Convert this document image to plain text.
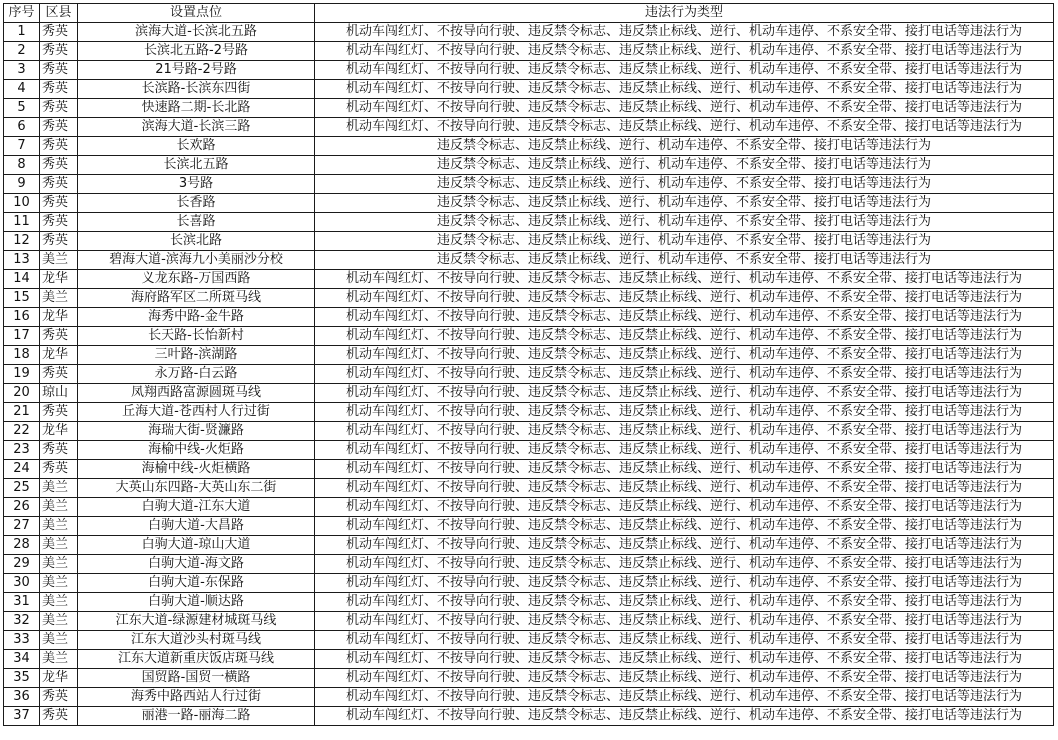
序号	区县	设置点位	违法行为类型
1	秀英	滨海大道-长滨北五路	机动车闯红灯、不按导向行驶、违反禁令标志、违反禁止标线、逆行、机动车违停、不系安全带、接打电话等违法行为
2	秀英	长滨北五路-2号路	机动车闯红灯、不按导向行驶、违反禁令标志、违反禁止标线、逆行、机动车违停、不系安全带、接打电话等违法行为
3	秀英	21号路-2号路	机动车闯红灯、不按导向行驶、违反禁令标志、违反禁止标线、逆行、机动车违停、不系安全带、接打电话等违法行为
4	秀英	长滨路-长滨东四街	机动车闯红灯、不按导向行驶、违反禁令标志、违反禁止标线、逆行、机动车违停、不系安全带、接打电话等违法行为
5	秀英	快速路二期-长北路	机动车闯红灯、不按导向行驶、违反禁令标志、违反禁止标线、逆行、机动车违停、不系安全带、接打电话等违法行为
6	秀英	滨海大道-长滨三路	机动车闯红灯、不按导向行驶、违反禁令标志、违反禁止标线、逆行、机动车违停、不系安全带、接打电话等违法行为
7	秀英	长欢路	违反禁令标志、违反禁止标线、逆行、机动车违停、不系安全带、接打电话等违法行为
8	秀英	长滨北五路	违反禁令标志、违反禁止标线、逆行、机动车违停、不系安全带、接打电话等违法行为
9	秀英	3号路	违反禁令标志、违反禁止标线、逆行、机动车违停、不系安全带、接打电话等违法行为
10	秀英	长香路	违反禁令标志、违反禁止标线、逆行、机动车违停、不系安全带、接打电话等违法行为
11	秀英	长喜路	违反禁令标志、违反禁止标线、逆行、机动车违停、不系安全带、接打电话等违法行为
12	秀英	长滨北路	违反禁令标志、违反禁止标线、逆行、机动车违停、不系安全带、接打电话等违法行为
13	美兰	碧海大道-滨海九小美丽沙分校	违反禁令标志、违反禁止标线、逆行、机动车违停、不系安全带、接打电话等违法行为
14	龙华	义龙东路-万国西路	机动车闯红灯、不按导向行驶、违反禁令标志、违反禁止标线、逆行、机动车违停、不系安全带、接打电话等违法行为
15	美兰	海府路军区二所斑马线	机动车闯红灯、不按导向行驶、违反禁令标志、违反禁止标线、逆行、机动车违停、不系安全带、接打电话等违法行为
16	龙华	海秀中路-金牛路	机动车闯红灯、不按导向行驶、违反禁令标志、违反禁止标线、逆行、机动车违停、不系安全带、接打电话等违法行为
17	秀英	长天路-长怡新村	机动车闯红灯、不按导向行驶、违反禁令标志、违反禁止标线、逆行、机动车违停、不系安全带、接打电话等违法行为
18	龙华	三叶路-滨湖路	机动车闯红灯、不按导向行驶、违反禁令标志、违反禁止标线、逆行、机动车违停、不系安全带、接打电话等违法行为
19	秀英	永万路-白云路	机动车闯红灯、不按导向行驶、违反禁令标志、违反禁止标线、逆行、机动车违停、不系安全带、接打电话等违法行为
20	琼山	凤翔西路富源圆斑马线	机动车闯红灯、不按导向行驶、违反禁令标志、违反禁止标线、逆行、机动车违停、不系安全带、接打电话等违法行为
21	秀英	丘海大道-苍西村人行过街	机动车闯红灯、不按导向行驶、违反禁令标志、违反禁止标线、逆行、机动车违停、不系安全带、接打电话等违法行为
22	龙华	海瑞大街-贤濂路	机动车闯红灯、不按导向行驶、违反禁令标志、违反禁止标线、逆行、机动车违停、不系安全带、接打电话等违法行为
23	秀英	海榆中线-火炬路	机动车闯红灯、不按导向行驶、违反禁令标志、违反禁止标线、逆行、机动车违停、不系安全带、接打电话等违法行为
24	秀英	海榆中线-火炬横路	机动车闯红灯、不按导向行驶、违反禁令标志、违反禁止标线、逆行、机动车违停、不系安全带、接打电话等违法行为
25	美兰	大英山东四路-大英山东二街	机动车闯红灯、不按导向行驶、违反禁令标志、违反禁止标线、逆行、机动车违停、不系安全带、接打电话等违法行为
26	美兰	白驹大道-江东大道	机动车闯红灯、不按导向行驶、违反禁令标志、违反禁止标线、逆行、机动车违停、不系安全带、接打电话等违法行为
27	美兰	白驹大道-大昌路	机动车闯红灯、不按导向行驶、违反禁令标志、违反禁止标线、逆行、机动车违停、不系安全带、接打电话等违法行为
28	美兰	白驹大道-琼山大道	机动车闯红灯、不按导向行驶、违反禁令标志、违反禁止标线、逆行、机动车违停、不系安全带、接打电话等违法行为
29	美兰	白驹大道-海文路	机动车闯红灯、不按导向行驶、违反禁令标志、违反禁止标线、逆行、机动车违停、不系安全带、接打电话等违法行为
30	美兰	白驹大道-东保路	机动车闯红灯、不按导向行驶、违反禁令标志、违反禁止标线、逆行、机动车违停、不系安全带、接打电话等违法行为
31	美兰	白驹大道-顺达路	机动车闯红灯、不按导向行驶、违反禁令标志、违反禁止标线、逆行、机动车违停、不系安全带、接打电话等违法行为
32	美兰	江东大道-绿源建材城斑马线	机动车闯红灯、不按导向行驶、违反禁令标志、违反禁止标线、逆行、机动车违停、不系安全带、接打电话等违法行为
33	美兰	江东大道沙头村斑马线	机动车闯红灯、不按导向行驶、违反禁令标志、违反禁止标线、逆行、机动车违停、不系安全带、接打电话等违法行为
34	美兰	江东大道新重庆饭店斑马线	机动车闯红灯、不按导向行驶、违反禁令标志、违反禁止标线、逆行、机动车违停、不系安全带、接打电话等违法行为
35	龙华	国贸路-国贸一横路	机动车闯红灯、不按导向行驶、违反禁令标志、违反禁止标线、逆行、机动车违停、不系安全带、接打电话等违法行为
36	秀英	海秀中路西站人行过街	机动车闯红灯、不按导向行驶、违反禁令标志、违反禁止标线、逆行、机动车违停、不系安全带、接打电话等违法行为
37	秀英	丽港一路-丽海二路	机动车闯红灯、不按导向行驶、违反禁令标志、违反禁止标线、逆行、机动车违停、不系安全带、接打电话等违法行为
